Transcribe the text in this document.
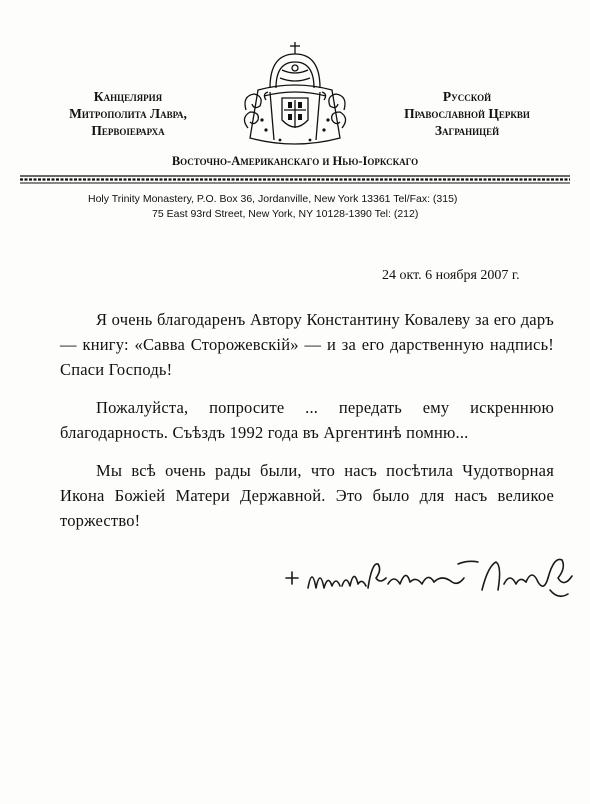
Канцелярия
Митрополита Лавра,
Первоiерарха
Русской
Православной Церкви
Заграницей
Восточно-Американскаго и Нью-Iоркскаго
Holy Trinity Monastery, P.O. Box 36, Jordanville, New York 13361 Tel/Fax: (315)
75 East 93rd Street, New York, NY 10128-1390 Tel: (212)
24 окт. 6 ноября 2007 г.
Я очень благодаренъ Автору Константину Ковалеву за его даръ — книгу: «Савва Сторожевскiй» — и за его дарственную надпись! Спаси Господь!
Пожалуйста, попросите ... передать ему искреннюю благодарность. Съѣздъ 1992 года въ Аргентинѣ помню...
Мы всѣ очень рады были, что насъ посѣтила Чудотворная Икона Божiей Матери Державной. Это было для насъ великое торжество!
